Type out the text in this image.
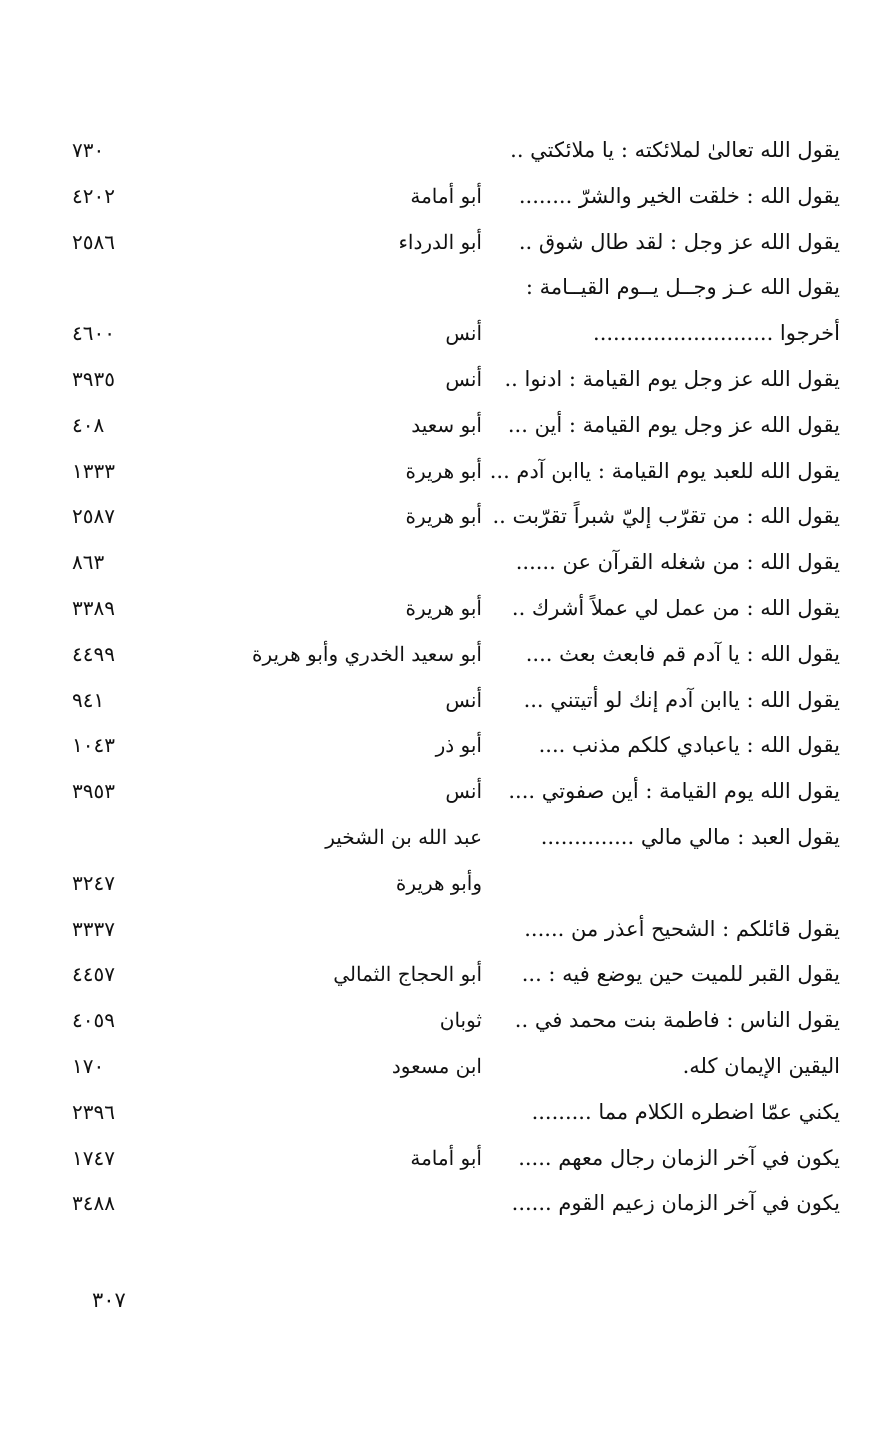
يقول الله تعالىٰ لملائكته : يا ملائكتي ..
٧٣٠
يقول الله : خلقت الخير والشرّ ........
أبو أمامة
٤٢٠٢
يقول الله عز وجل : لقد طال شوق ..
أبو الدرداء
٢٥٨٦
يقول الله عـز وجــل يــوم القيــامة :
أخرجوا ...........................
أنس
٤٦٠٠
يقول الله عز وجل يوم القيامة : ادنوا ..
أنس
٣٩٣٥
يقول الله عز وجل يوم القيامة : أين ...
أبو سعيد
٤٠٨
يقول الله للعبد يوم القيامة : ياابن آدم ...
أبو هريرة
١٣٣٣
يقول الله : من تقرّب إليّ شبراً تقرّبت ..
أبو هريرة
٢٥٨٧
يقول الله : من شغله القرآن عن ......
٨٦٣
يقول الله : من عمل لي عملاً أشرك ..
أبو هريرة
٣٣٨٩
يقول الله : يا آدم قم فابعث بعث ....
أبو سعيد الخدري وأبو هريرة
٤٤٩٩
يقول الله : ياابن آدم إنك لو أتيتني ...
أنس
٩٤١
يقول الله : ياعبادي كلكم مذنب ....
أبو ذر
١٠٤٣
يقول الله يوم القيامة : أين صفوتي ....
أنس
٣٩٥٣
يقول العبد : مالي مالي ..............
عبد الله بن الشخير
وأبو هريرة
٣٢٤٧
يقول قائلكم : الشحيح أعذر من ......
٣٣٣٧
يقول القبر للميت حين يوضع فيه : ...
أبو الحجاج الثمالي
٤٤٥٧
يقول الناس : فاطمة بنت محمد في ..
ثوبان
٤٠٥٩
اليقين الإيمان كله.
ابن مسعود
١٧٠
يكني عمّا اضطره الكلام مما .........
٢٣٩٦
يكون في آخر الزمان رجال معهم .....
أبو أمامة
١٧٤٧
يكون في آخر الزمان زعيم القوم ......
٣٤٨٨
٣٠٧
